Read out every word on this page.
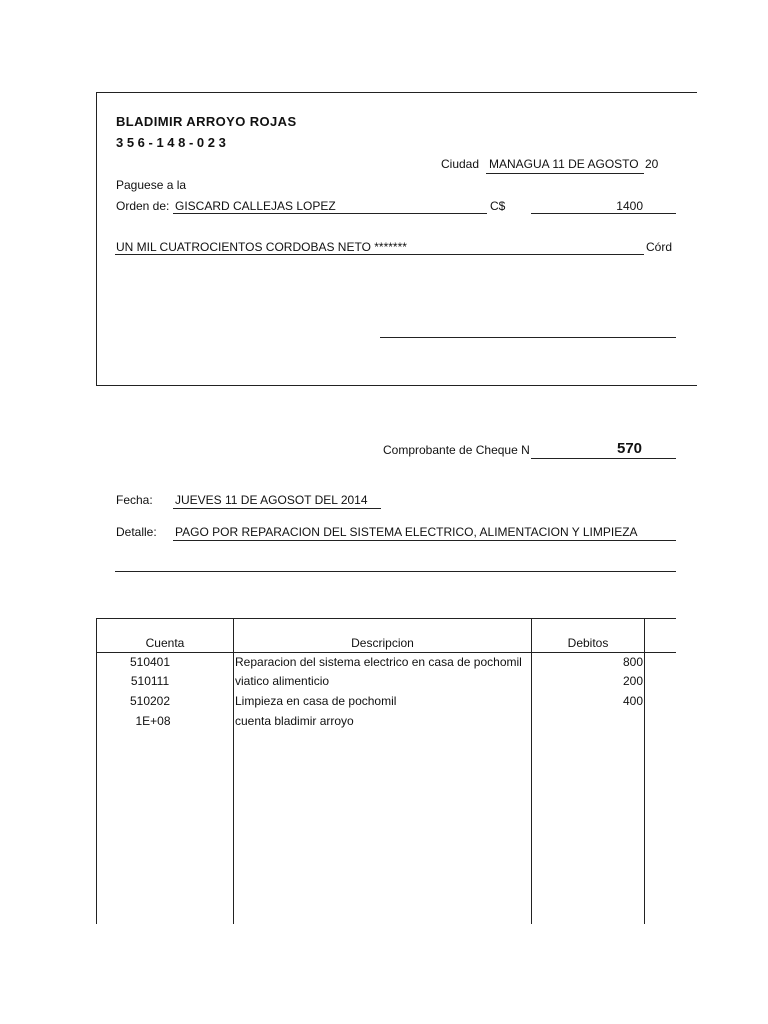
BLADIMIR ARROYO ROJAS
3 5 6 - 1 4 8 - 0 2 3
Ciudad MANAGUA 11 DE AGOSTO 20
Paguese a la
Orden de: GISCARD CALLEJAS LOPEZ	C$	1400
UN MIL CUATROCIENTOS CORDOBAS NETO *******	Córd
Comprobante de Cheque N	570
Fecha: JUEVES 11 DE AGOSOT DEL 2014
Detalle: PAGO POR REPARACION DEL SISTEMA ELECTRICO, ALIMENTACION Y LIMPIEZA
Cuenta	Descripcion	Debitos
510401	Reparacion del sistema electrico en casa de pochomil	800
510111	viatico alimenticio	200
510202	Limpieza en casa de pochomil	400
1E+08	cuenta bladimir arroyo
